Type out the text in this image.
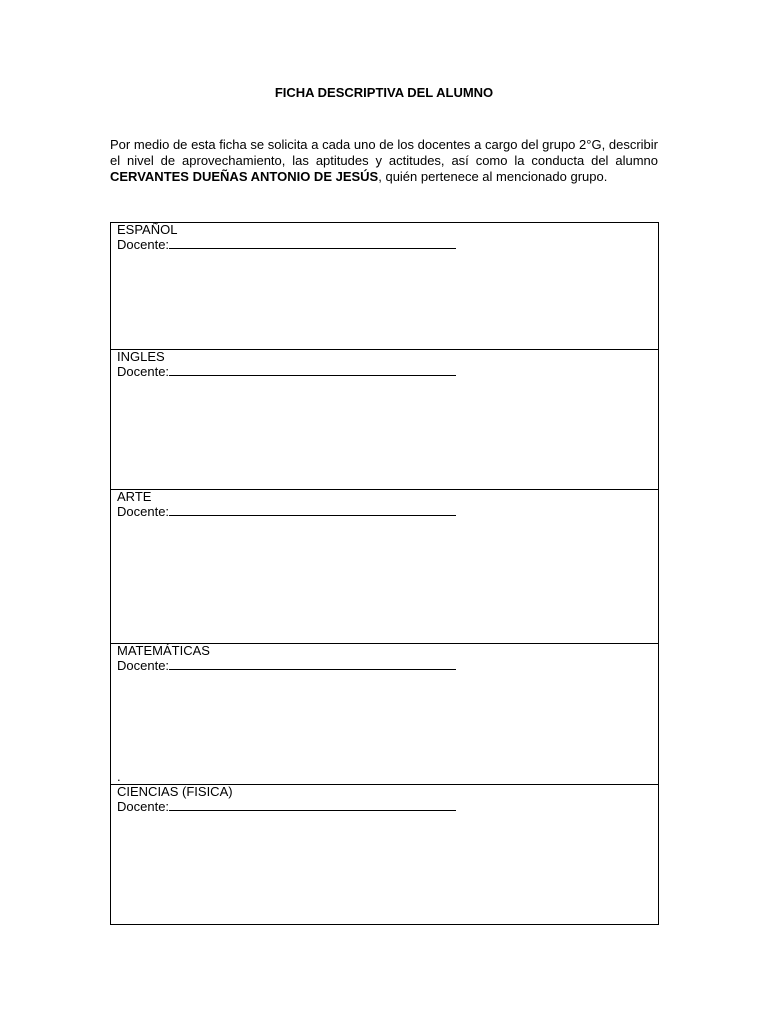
FICHA DESCRIPTIVA DEL ALUMNO
Por medio de esta ficha se solicita a cada uno de los docentes a cargo del grupo 2°G, describir
el nivel de aprovechamiento, las aptitudes y actitudes, así como la conducta del alumno
CERVANTES DUEÑAS ANTONIO DE JESÚS, quién pertenece al mencionado grupo.
ESPAÑOL
Docente:
INGLES
Docente:
ARTE
Docente:
MATEMÁTICAS
Docente:
.
CIENCIAS (FISICA)
Docente:
